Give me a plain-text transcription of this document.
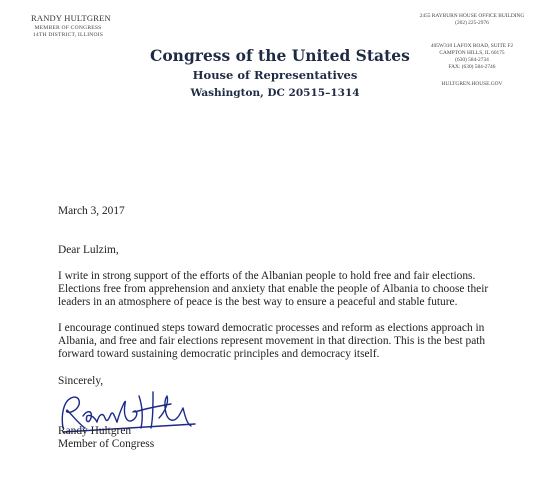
RANDY HULTGREN
MEMBER OF CONGRESS
14TH DISTRICT, ILLINOIS
2455 RAYBURN HOUSE OFFICE BUILDING
(202) 225-2976
405W310 LAFOX ROAD, SUITE F2
CAMPTON HILLS, IL 60175
(630) 584-2734
FAX: (630) 584-2746
HULTGREN.HOUSE.GOV
Congress of the United States
House of Representatives
Washington, DC 20515–1314
March 3, 2017
Dear Lulzim,
I write in strong support of the efforts of the Albanian people to hold free and fair elections.
Elections free from apprehension and anxiety that enable the people of Albania to choose their
leaders in an atmosphere of peace is the best way to ensure a peaceful and stable future.
I encourage continued steps toward democratic processes and reform as elections approach in
Albania, and free and fair elections represent movement in that direction. This is the best path
forward toward sustaining democratic principles and democracy itself.
Sincerely,
Randy Hultgren
Member of Congress
